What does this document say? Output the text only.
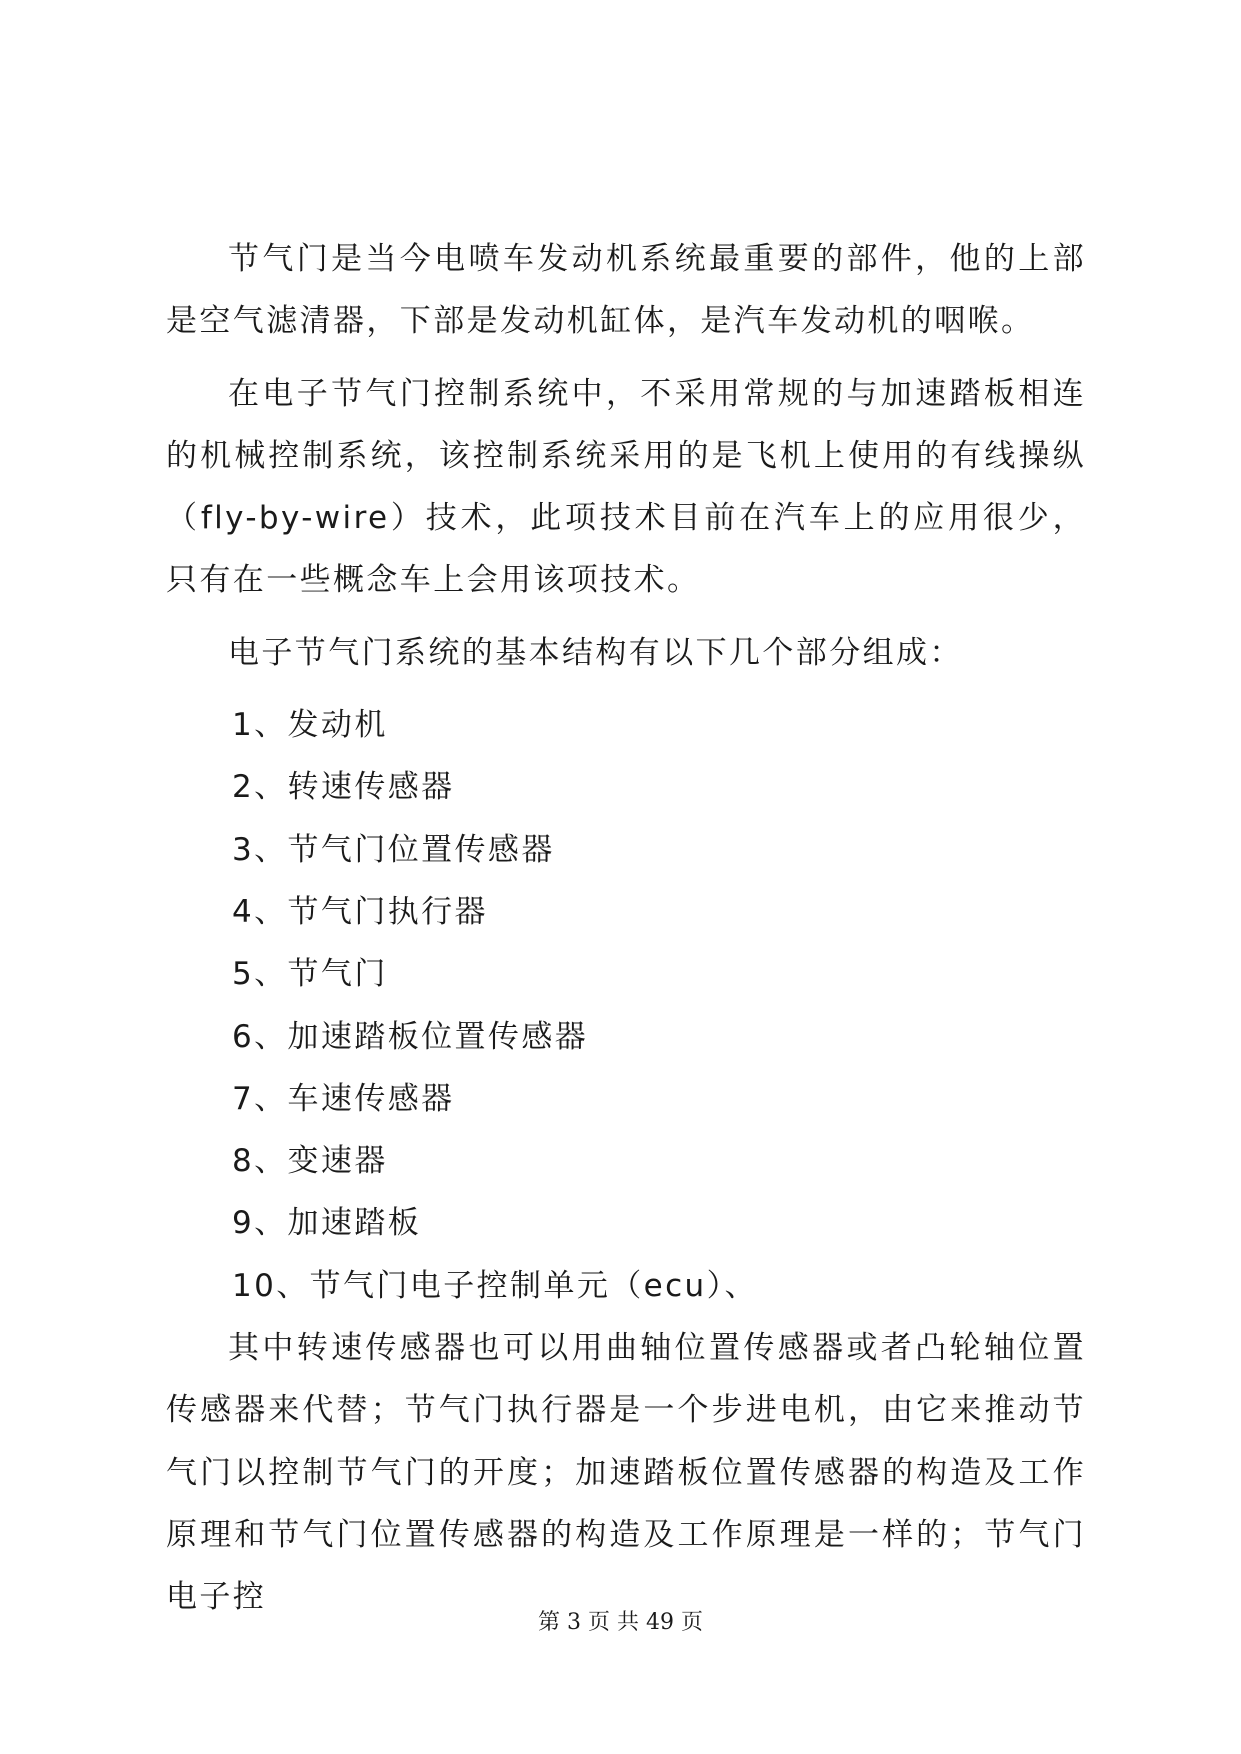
节气门是当今电喷车发动机系统最重要的部件，他的上部是空气滤清器，下部是发动机缸体，是汽车发动机的咽喉。

在电子节气门控制系统中，不采用常规的与加速踏板相连的机械控制系统，该控制系统采用的是飞机上使用的有线操纵（fly-by-wire）技术，此项技术目前在汽车上的应用很少，只有在一些概念车上会用该项技术。

电子节气门系统的基本结构有以下几个部分组成：

1、发动机

2、转速传感器

3、节气门位置传感器

4、节气门执行器

5、节气门

6、加速踏板位置传感器

7、车速传感器

8、变速器

9、加速踏板

10、节气门电子控制单元（ecu）、

其中转速传感器也可以用曲轴位置传感器或者凸轮轴位置传感器来代替；节气门执行器是一个步进电机，由它来推动节气门以控制节气门的开度；加速踏板位置传感器的构造及工作原理和节气门位置传感器的构造及工作原理是一样的；节气门电子控

第 3 页 共 49 页
